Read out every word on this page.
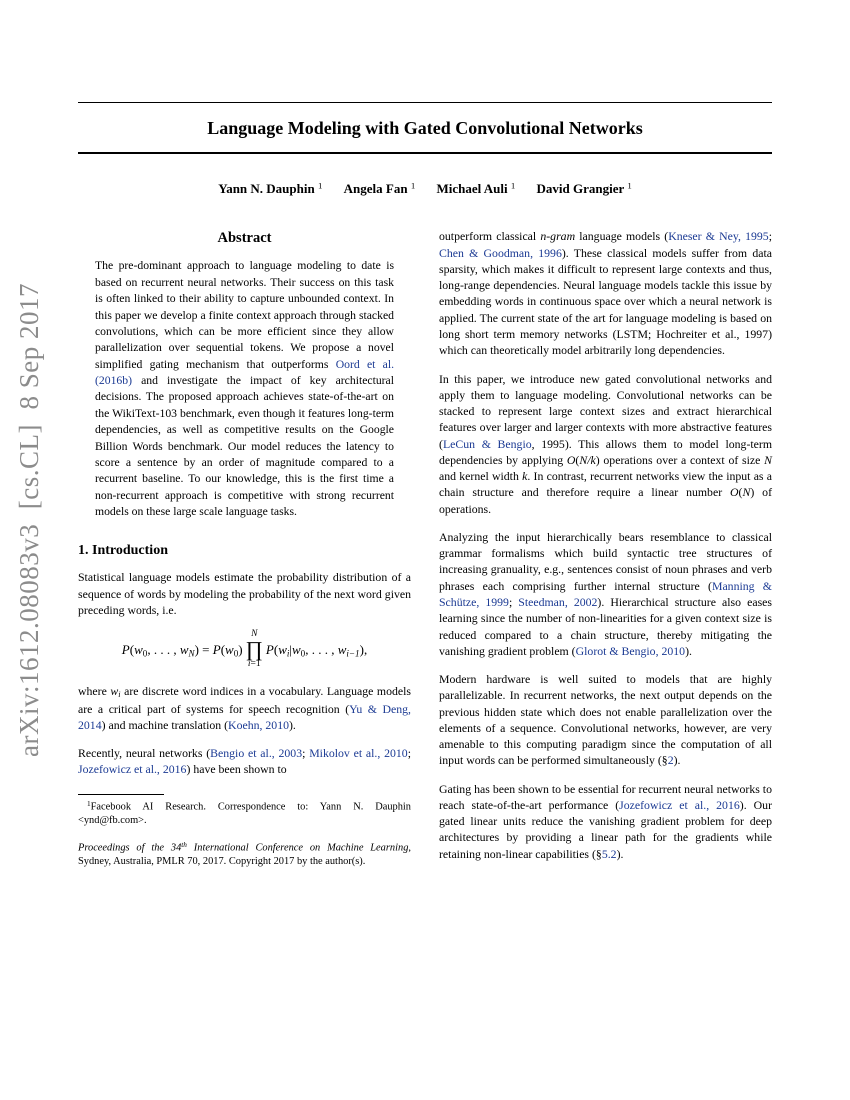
arXiv:1612.08083v3  [cs.CL]  8 Sep 2017
Language Modeling with Gated Convolutional Networks
Yann N. Dauphin $^1$ Angela Fan $^1$ Michael Auli $^1$ David Grangier $^1$
Abstract

The pre-dominant approach to language modeling to date is based on recurrent neural networks. Their success on this task is often linked to their ability to capture unbounded context. In this paper we develop a finite context approach through stacked convolutions, which can be more efficient since they allow parallelization over sequential tokens. We propose a novel simplified gating mechanism that outperforms Oord et al. (2016b) and investigate the impact of key architectural decisions. The proposed approach achieves state-of-the-art on the WikiText-103 benchmark, even though it features long-term dependencies, as well as competitive results on the Google Billion Words benchmark. Our model reduces the latency to score a sentence by an order of magnitude compared to a recurrent baseline. To our knowledge, this is the first time a non-recurrent approach is competitive with strong recurrent models on these large scale language tasks.

1. Introduction

Statistical language models estimate the probability distribution of a sequence of words by modeling the probability of the next word given preceding words, i.e.

P(w0, . . . , wN) = P(w0)
N
∏
i=1
P(wi|w0, . . . , wi−1),

where wi are discrete word indices in a vocabulary. Language models are a critical part of systems for speech recognition (Yu & Deng, 2014) and machine translation (Koehn, 2010).

Recently, neural networks (Bengio et al., 2003; Mikolov et al., 2010; Jozefowicz et al., 2016) have been shown to

$^1$Facebook AI Research. Correspondence to: Yann N. Dauphin <ynd@fb.com>.

Proceedings of the 34th International Conference on Machine Learning, Sydney, Australia, PMLR 70, 2017. Copyright 2017 by the author(s).

outperform classical n-gram language models (Kneser & Ney, 1995; Chen & Goodman, 1996). These classical models suffer from data sparsity, which makes it difficult to represent large contexts and thus, long-range dependencies. Neural language models tackle this issue by embedding words in continuous space over which a neural network is applied. The current state of the art for language modeling is based on long short term memory networks (LSTM; Hochreiter et al., 1997) which can theoretically model arbitrarily long dependencies.

In this paper, we introduce new gated convolutional networks and apply them to language modeling. Convolutional networks can be stacked to represent large context sizes and extract hierarchical features over larger and larger contexts with more abstractive features (LeCun & Bengio, 1995). This allows them to model long-term dependencies by applying O(N/k) operations over a context of size N and kernel width k. In contrast, recurrent networks view the input as a chain structure and therefore require a linear number O(N) of operations.

Analyzing the input hierarchically bears resemblance to classical grammar formalisms which build syntactic tree structures of increasing granuality, e.g., sentences consist of noun phrases and verb phrases each comprising further internal structure (Manning & Schütze, 1999; Steedman, 2002). Hierarchical structure also eases learning since the number of non-linearities for a given context size is reduced compared to a chain structure, thereby mitigating the vanishing gradient problem (Glorot & Bengio, 2010).

Modern hardware is well suited to models that are highly parallelizable. In recurrent networks, the next output depends on the previous hidden state which does not enable parallelization over the elements of a sequence. Convolutional networks, however, are very amenable to this computing paradigm since the computation of all input words can be performed simultaneously (§2).

Gating has been shown to be essential for recurrent neural networks to reach state-of-the-art performance (Jozefowicz et al., 2016). Our gated linear units reduce the vanishing gradient problem for deep architectures by providing a linear path for the gradients while retaining non-linear capabilities (§5.2).
